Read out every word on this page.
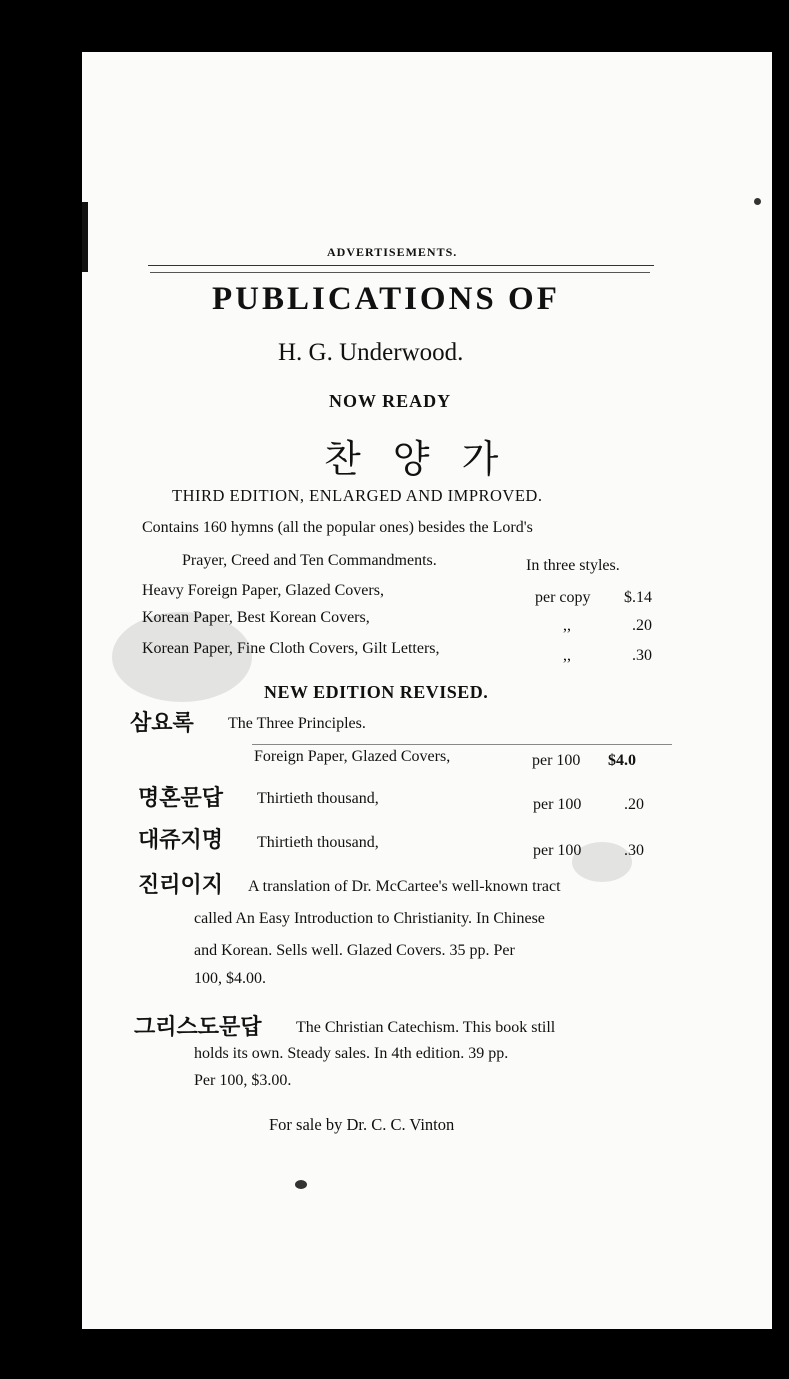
ADVERTISEMENTS.
PUBLICATIONS OF
H. G. Underwood.
NOW READY
찬 양 가
THIRD EDITION, ENLARGED AND IMPROVED.
Contains 160 hymns (all the popular ones) besides the Lord's
Prayer, Creed and Ten Commandments.	In three styles.
Heavy Foreign Paper, Glazed Covers,	per copy	$.14
Korean Paper, Best Korean Covers,	,,	.20
Korean Paper, Fine Cloth Covers, Gilt Letters,	,,	.30
NEW EDITION REVISED.
삼요록 The Three Principles.
Foreign Paper, Glazed Covers,	per 100	$4.0
명혼문답 Thirtieth thousand,	per 100	.20
대쥬지명 Thirtieth thousand,	per 100	.30
진리이지 A translation of Dr. McCartee's well-known tract
called An Easy Introduction to Christianity. In Chinese
and Korean. Sells well. Glazed Covers. 35 pp. Per
100, $4.00.
그리스도문답 The Christian Catechism. This book still
holds its own. Steady sales. In 4th edition. 39 pp.
Per 100, $3.00.
For sale by Dr. C. C. Vinton
